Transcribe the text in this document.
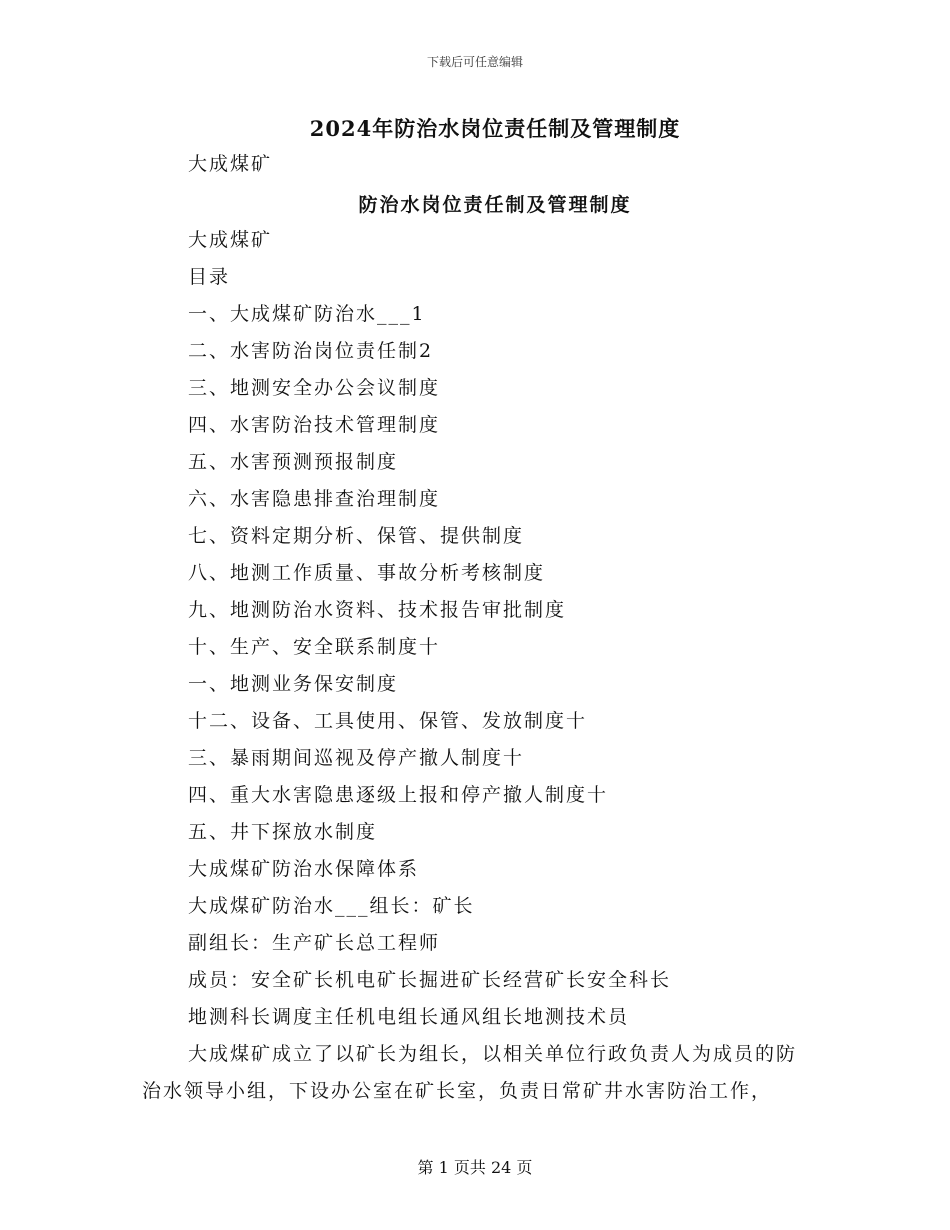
下载后可任意编辑
2024年防治水岗位责任制及管理制度
大成煤矿
防治水岗位责任制及管理制度
大成煤矿
目录
一、大成煤矿防治水___1
二、水害防治岗位责任制2
三、地测安全办公会议制度
四、水害防治技术管理制度
五、水害预测预报制度
六、水害隐患排查治理制度
七、资料定期分析、保管、提供制度
八、地测工作质量、事故分析考核制度
九、地测防治水资料、技术报告审批制度
十、生产、安全联系制度十
一、地测业务保安制度
十二、设备、工具使用、保管、发放制度十
三、暴雨期间巡视及停产撤人制度十
四、重大水害隐患逐级上报和停产撤人制度十
五、井下探放水制度
大成煤矿防治水保障体系
大成煤矿防治水___组长：矿长
副组长：生产矿长总工程师
成员：安全矿长机电矿长掘进矿长经营矿长安全科长
地测科长调度主任机电组长通风组长地测技术员
大成煤矿成立了以矿长为组长，以相关单位行政负责人为成员的防治水领导小组，下设办公室在矿长室，负责日常矿井水害防治工作，
第 1 页共 24 页
